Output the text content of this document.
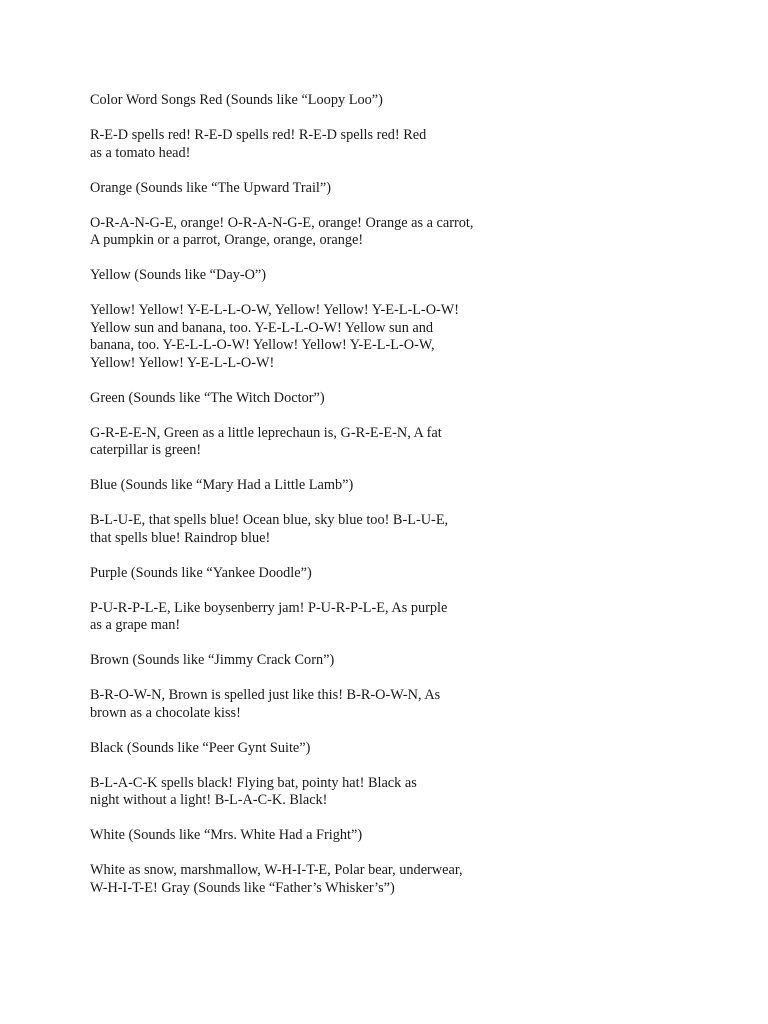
Color Word Songs Red (Sounds like “Loopy Loo”)
R-E-D spells red! R-E-D spells red! R-E-D spells red! Red
as a tomato head!
Orange (Sounds like “The Upward Trail”)
O-R-A-N-G-E, orange! O-R-A-N-G-E, orange! Orange as a carrot,
A pumpkin or a parrot, Orange, orange, orange!
Yellow (Sounds like “Day-O”)
Yellow! Yellow! Y-E-L-L-O-W, Yellow! Yellow! Y-E-L-L-O-W!
Yellow sun and banana, too. Y-E-L-L-O-W! Yellow sun and
banana, too. Y-E-L-L-O-W! Yellow! Yellow! Y-E-L-L-O-W,
Yellow! Yellow! Y-E-L-L-O-W!
Green (Sounds like “The Witch Doctor”)
G-R-E-E-N, Green as a little leprechaun is, G-R-E-E-N, A fat
caterpillar is green!
Blue (Sounds like “Mary Had a Little Lamb”)
B-L-U-E, that spells blue! Ocean blue, sky blue too! B-L-U-E,
that spells blue! Raindrop blue!
Purple (Sounds like “Yankee Doodle”)
P-U-R-P-L-E, Like boysenberry jam! P-U-R-P-L-E, As purple
as a grape man!
Brown (Sounds like “Jimmy Crack Corn”)
B-R-O-W-N, Brown is spelled just like this! B-R-O-W-N, As
brown as a chocolate kiss!
Black (Sounds like “Peer Gynt Suite”)
B-L-A-C-K spells black! Flying bat, pointy hat! Black as
night without a light! B-L-A-C-K. Black!
White (Sounds like “Mrs. White Had a Fright”)
White as snow, marshmallow, W-H-I-T-E, Polar bear, underwear,
W-H-I-T-E! Gray (Sounds like “Father’s Whisker’s”)
